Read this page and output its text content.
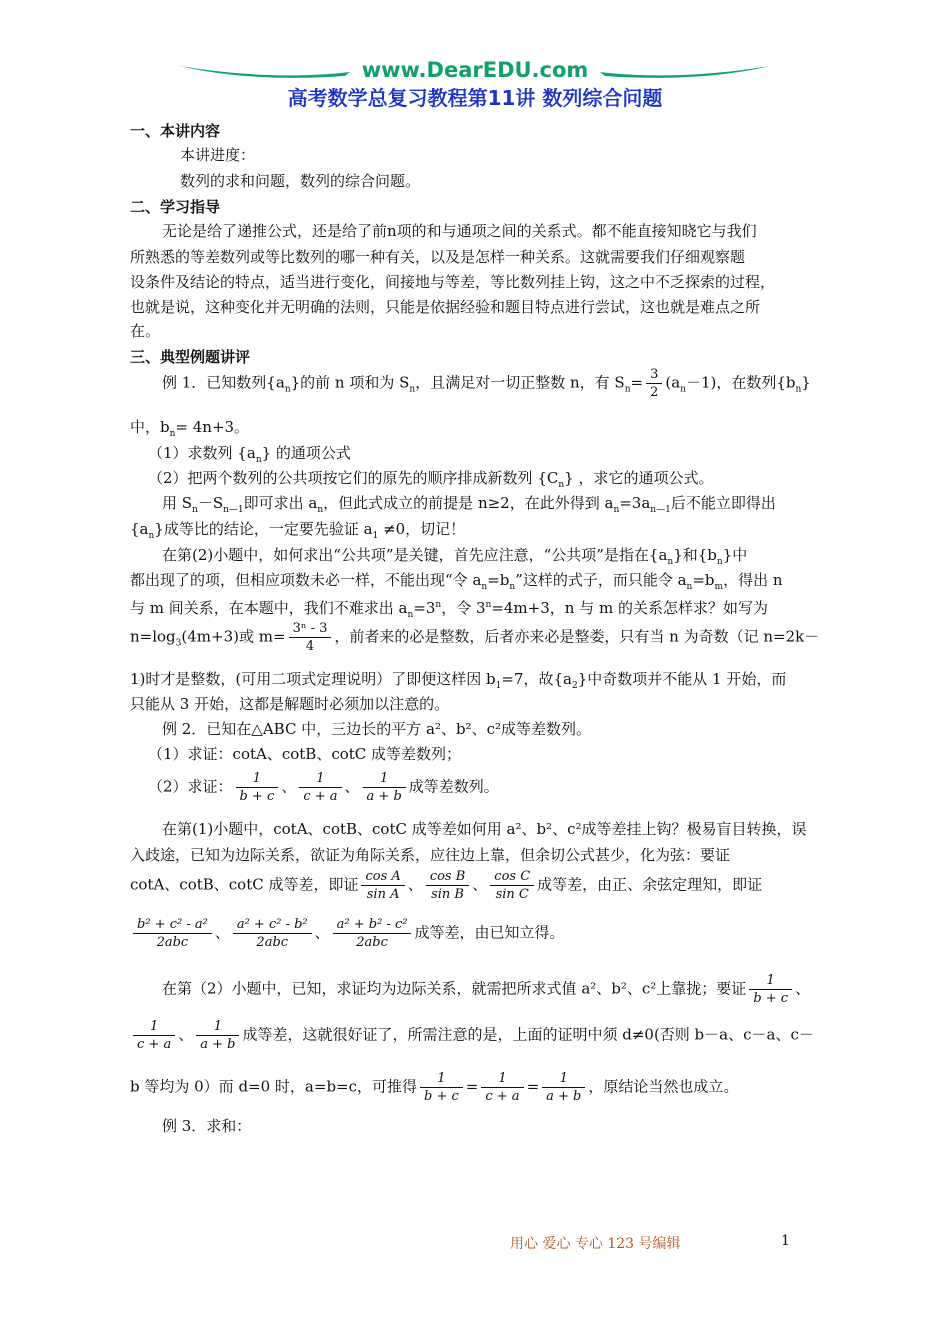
www.DearEDU.com
高考数学总复习教程第11讲 数列综合问题
一、本讲内容
本讲进度：
数列的求和问题，数列的综合问题。
二、学习指导
无论是给了递推公式，还是给了前n项的和与通项之间的关系式。都不能直接知晓它与我们
所熟悉的等差数列或等比数列的哪一种有关，以及是怎样一种关系。这就需要我们仔细观察题
设条件及结论的特点，适当进行变化，间接地与等差，等比数列挂上钩，这之中不乏探索的过程，
也就是说，这种变化并无明确的法则，只能是依据经验和题目特点进行尝试，这也就是难点之所
在。
三、典型例题讲评
例 1．已知数列$\{a_n\}$的前 n 项和为 $S_n$，且满足对一切正整数 n，有 $S_n= \frac{3}{2} (a_n-1)$，在数列$\{b_n\}$
中，$b_n= 4n+3$。
（1）求数列 $\{a_n\}$ 的通项公式
（2）把两个数列的公共项按它们的原先的顺序排成新数列 $\{C_n\}$ ，求它的通项公式。
用 $S_n-S_{n—1}$即可求出 $a_n$，但此式成立的前提是 n≥2，在此外得到 $a_n=3a_{n—1}$后不能立即得出
$\{a_n\}$成等比的结论，一定要先验证 $a_1 \ne 0$，切记！
在第(2)小题中，如何求出“公共项”是关键，首先应注意，“公共项”是指在$\{a_n\}$和$\{b_n\}$中
都出现了的项，但相应项数未必一样，不能出现“令 $a_n=b_n$”这样的式子，而只能令 $a_n=b_m$，得出 n
与 m 间关系，在本题中，我们不难求出 $a_n=3^n$，令 $3^n=4m+3$，n 与 m 的关系怎样求？如写为
$n=\log_3(4m+3)$或 $m= \frac{\text{3ⁿ - 3}}{4}$ ，前者来的必是整数，后者亦来必是整娄，只有当 n 为奇数（记 n=2k－
1)时才是整数，(可用二项式定理说明）了即便这样因 $b_1=7$，故$\{a_2\}$中奇数项并不能从 1 开始，而
只能从 3 开始，这都是解题时必须加以注意的。
例 2．已知在△ABC 中，三边长的平方 a²、b²、c²成等差数列。
（1）求证：cotA、cotB、cotC 成等差数列；
（2）求证： $\frac{1}{b + c}$ 、 $\frac{1}{c + a}$ 、 $\frac{1}{a + b}$ 成等差数列。
在第(1)小题中，cotA、cotB、cotC 成等差如何用 a²、b²、c²成等差挂上钩？极易盲目转换，误
入歧途，已知为边际关系，欲证为角际关系，应往边上靠，但余切公式甚少，化为弦：要证
cotA、cotB、cotC 成等差，即证 $\frac{\text{cos A}}{\text{sin A}}$ 、 $\frac{\text{cos B}}{\text{sin B}}$ 、 $\frac{\text{cos C}}{\text{sin C}}$ 成等差，由正、余弦定理知，即证
$\frac{\text{b² + c² - a²}}{\text{2abc}}$ 、 $\frac{\text{a² + c² - b²}}{\text{2abc}}$ 、 $\frac{\text{a² + b² - c²}}{\text{2abc}}$ 成等差，由已知立得。
在第（2）小题中，已知，求证均为边际关系，就需把所求式值 a²、b²、c²上靠拢；要证 $\frac{1}{b + c}$ 、
$\frac{1}{c + a}$ 、 $\frac{1}{a + b}$ 成等差，这就很好证了，所需注意的是，上面的证明中须 d≠0(否则 b－a、c－a、c－
b 等均为 0）而 d=0 时，a=b=c，可推得 $\frac{1}{b + c} = \frac{1}{c + a} = \frac{1}{a + b}$ ，原结论当然也成立。
例 3．求和：
用心 爱心 专心 123 号编辑	1
